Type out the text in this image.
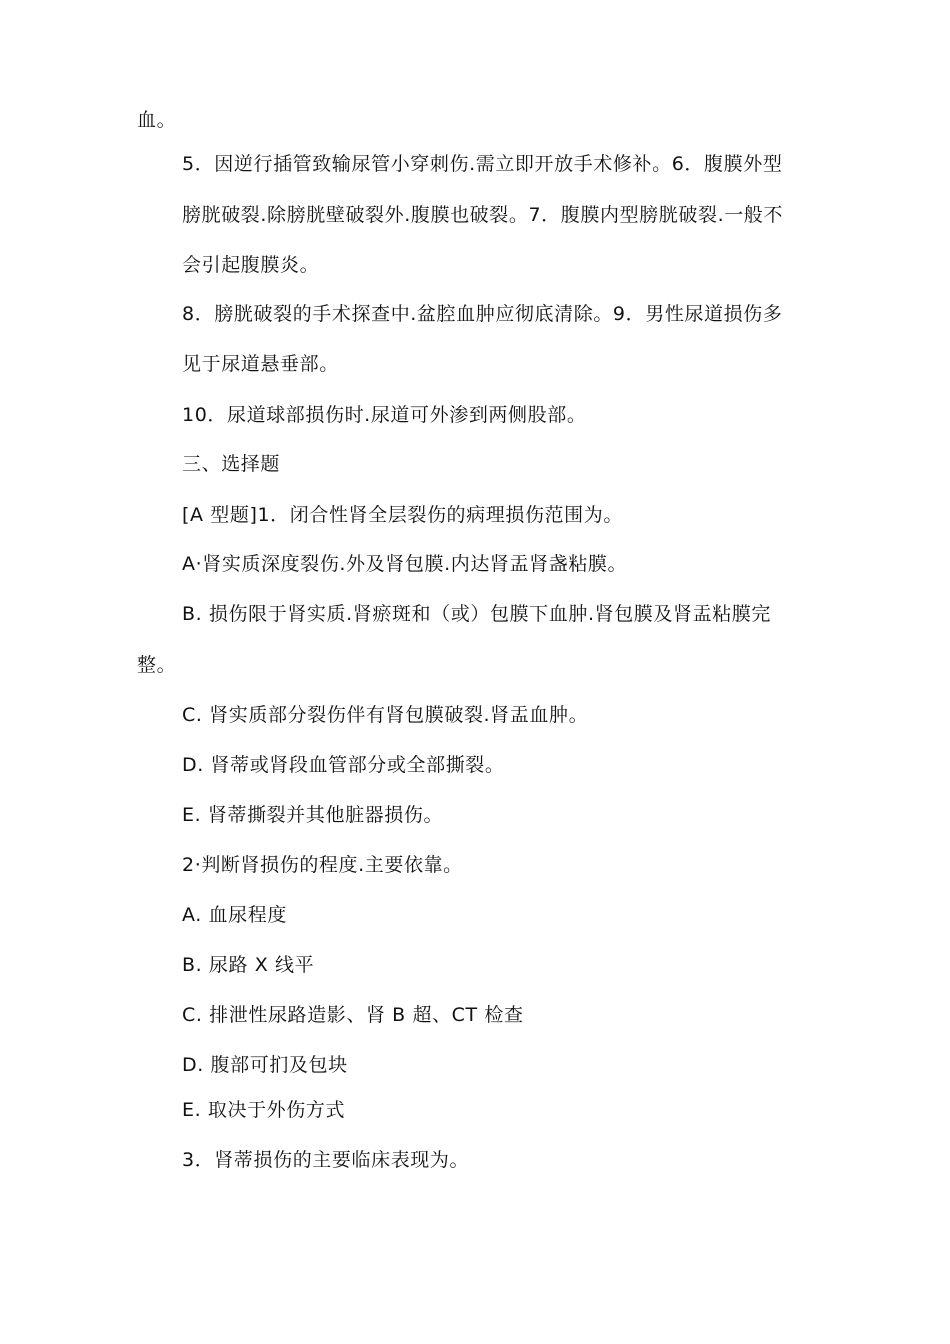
血。
5．因逆行插管致输尿管小穿刺伤.需立即开放手术修补。6．腹膜外型
膀胱破裂.除膀胱壁破裂外.腹膜也破裂。7．腹膜内型膀胱破裂.一般不
会引起腹膜炎。
8．膀胱破裂的手术探查中.盆腔血肿应彻底清除。9．男性尿道损伤多
见于尿道悬垂部。
10．尿道球部损伤时.尿道可外渗到两侧股部。
三、选择题
[A 型题]1．闭合性肾全层裂伤的病理损伤范围为。
A·肾实质深度裂伤.外及肾包膜.内达肾盂肾盏粘膜。
B. 损伤限于肾实质.肾瘀斑和（或）包膜下血肿.肾包膜及肾盂粘膜完
整。
C. 肾实质部分裂伤伴有肾包膜破裂.肾盂血肿。
D. 肾蒂或肾段血管部分或全部撕裂。
E. 肾蒂撕裂并其他脏器损伤。
2·判断肾损伤的程度.主要依靠。
A. 血尿程度
B. 尿路 X 线平
C. 排泄性尿路造影、肾 B 超、CT 检查
D. 腹部可扪及包块
E. 取决于外伤方式
3．肾蒂损伤的主要临床表现为。
